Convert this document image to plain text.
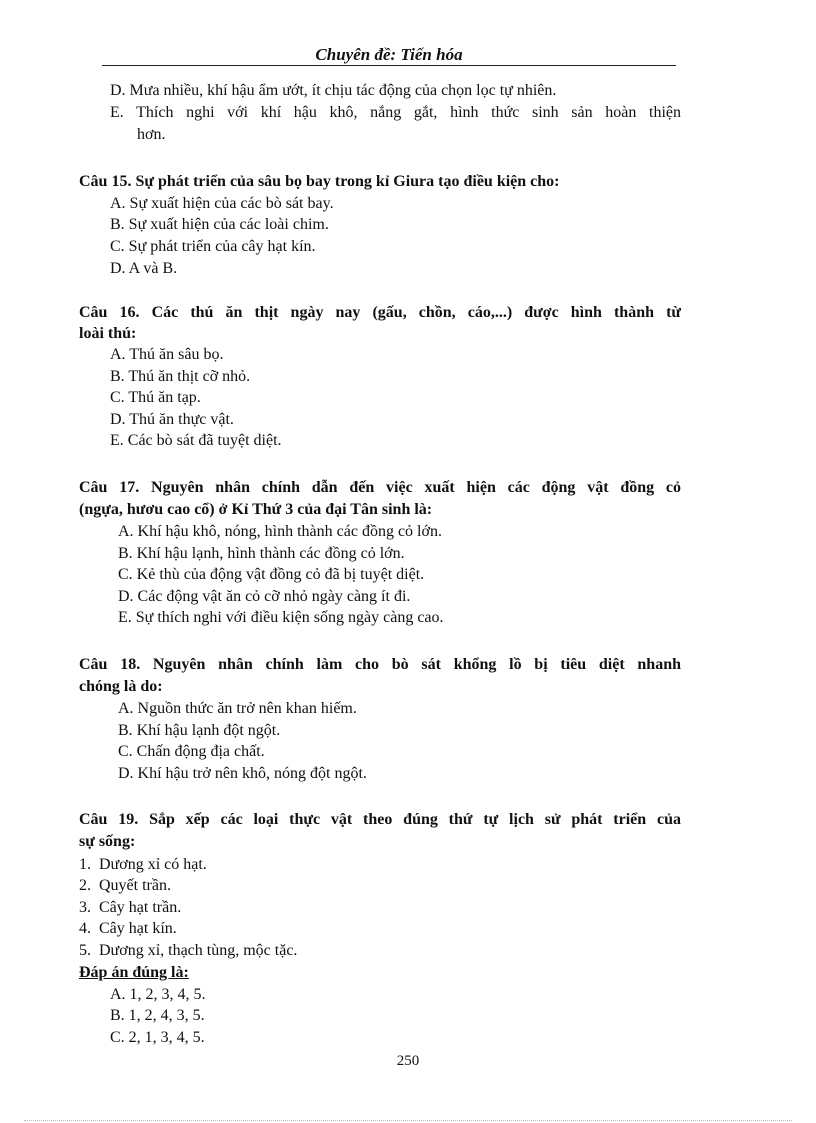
Chuyên đề: Tiến hóa
D. Mưa nhiều, khí hậu ẩm ướt, ít chịu tác động của chọn lọc tự nhiên.
E. Thích nghi với khí hậu khô, nắng gắt, hình thức sinh sản hoàn thiện
hơn.
Câu 15. Sự phát triển của sâu bọ bay trong kỉ Giura tạo điều kiện cho:
A. Sự xuất hiện của các bò sát bay.
B. Sự xuất hiện của các loài chim.
C. Sự phát triển của cây hạt kín.
D. A và B.
Câu 16. Các thú ăn thịt ngày nay (gấu, chồn, cáo,...) được hình thành từ
loài thú:
A. Thú ăn sâu bọ.
B. Thú ăn thịt cỡ nhỏ.
C. Thú ăn tạp.
D. Thú ăn thực vật.
E. Các bò sát đã tuyệt diệt.
Câu 17. Nguyên nhân chính dẫn đến việc xuất hiện các động vật đồng cỏ
(ngựa, hươu cao cổ) ở Kỉ Thứ 3 của đại Tân sinh là:
A. Khí hậu khô, nóng, hình thành các đồng cỏ lớn.
B. Khí hậu lạnh, hình thành các đồng cỏ lớn.
C. Kẻ thù của động vật đồng cỏ đã bị tuyệt diệt.
D. Các động vật ăn cỏ cỡ nhỏ ngày càng ít đi.
E. Sự thích nghi với điều kiện sống ngày càng cao.
Câu 18. Nguyên nhân chính làm cho bò sát khổng lồ bị tiêu diệt nhanh
chóng là do:
A. Nguồn thức ăn trở nên khan hiếm.
B. Khí hậu lạnh đột ngột.
C. Chấn động địa chất.
D. Khí hậu trở nên khô, nóng đột ngột.
Câu 19. Sắp xếp các loại thực vật theo đúng thứ tự lịch sử phát triển của
sự sống:
1.  Dương xỉ có hạt.
2.  Quyết trần.
3.  Cây hạt trần.
4.  Cây hạt kín.
5.  Dương xỉ, thạch tùng, mộc tặc.
Đáp án đúng là:
A. 1, 2, 3, 4, 5.
B. 1, 2, 4, 3, 5.
C. 2, 1, 3, 4, 5.
250
